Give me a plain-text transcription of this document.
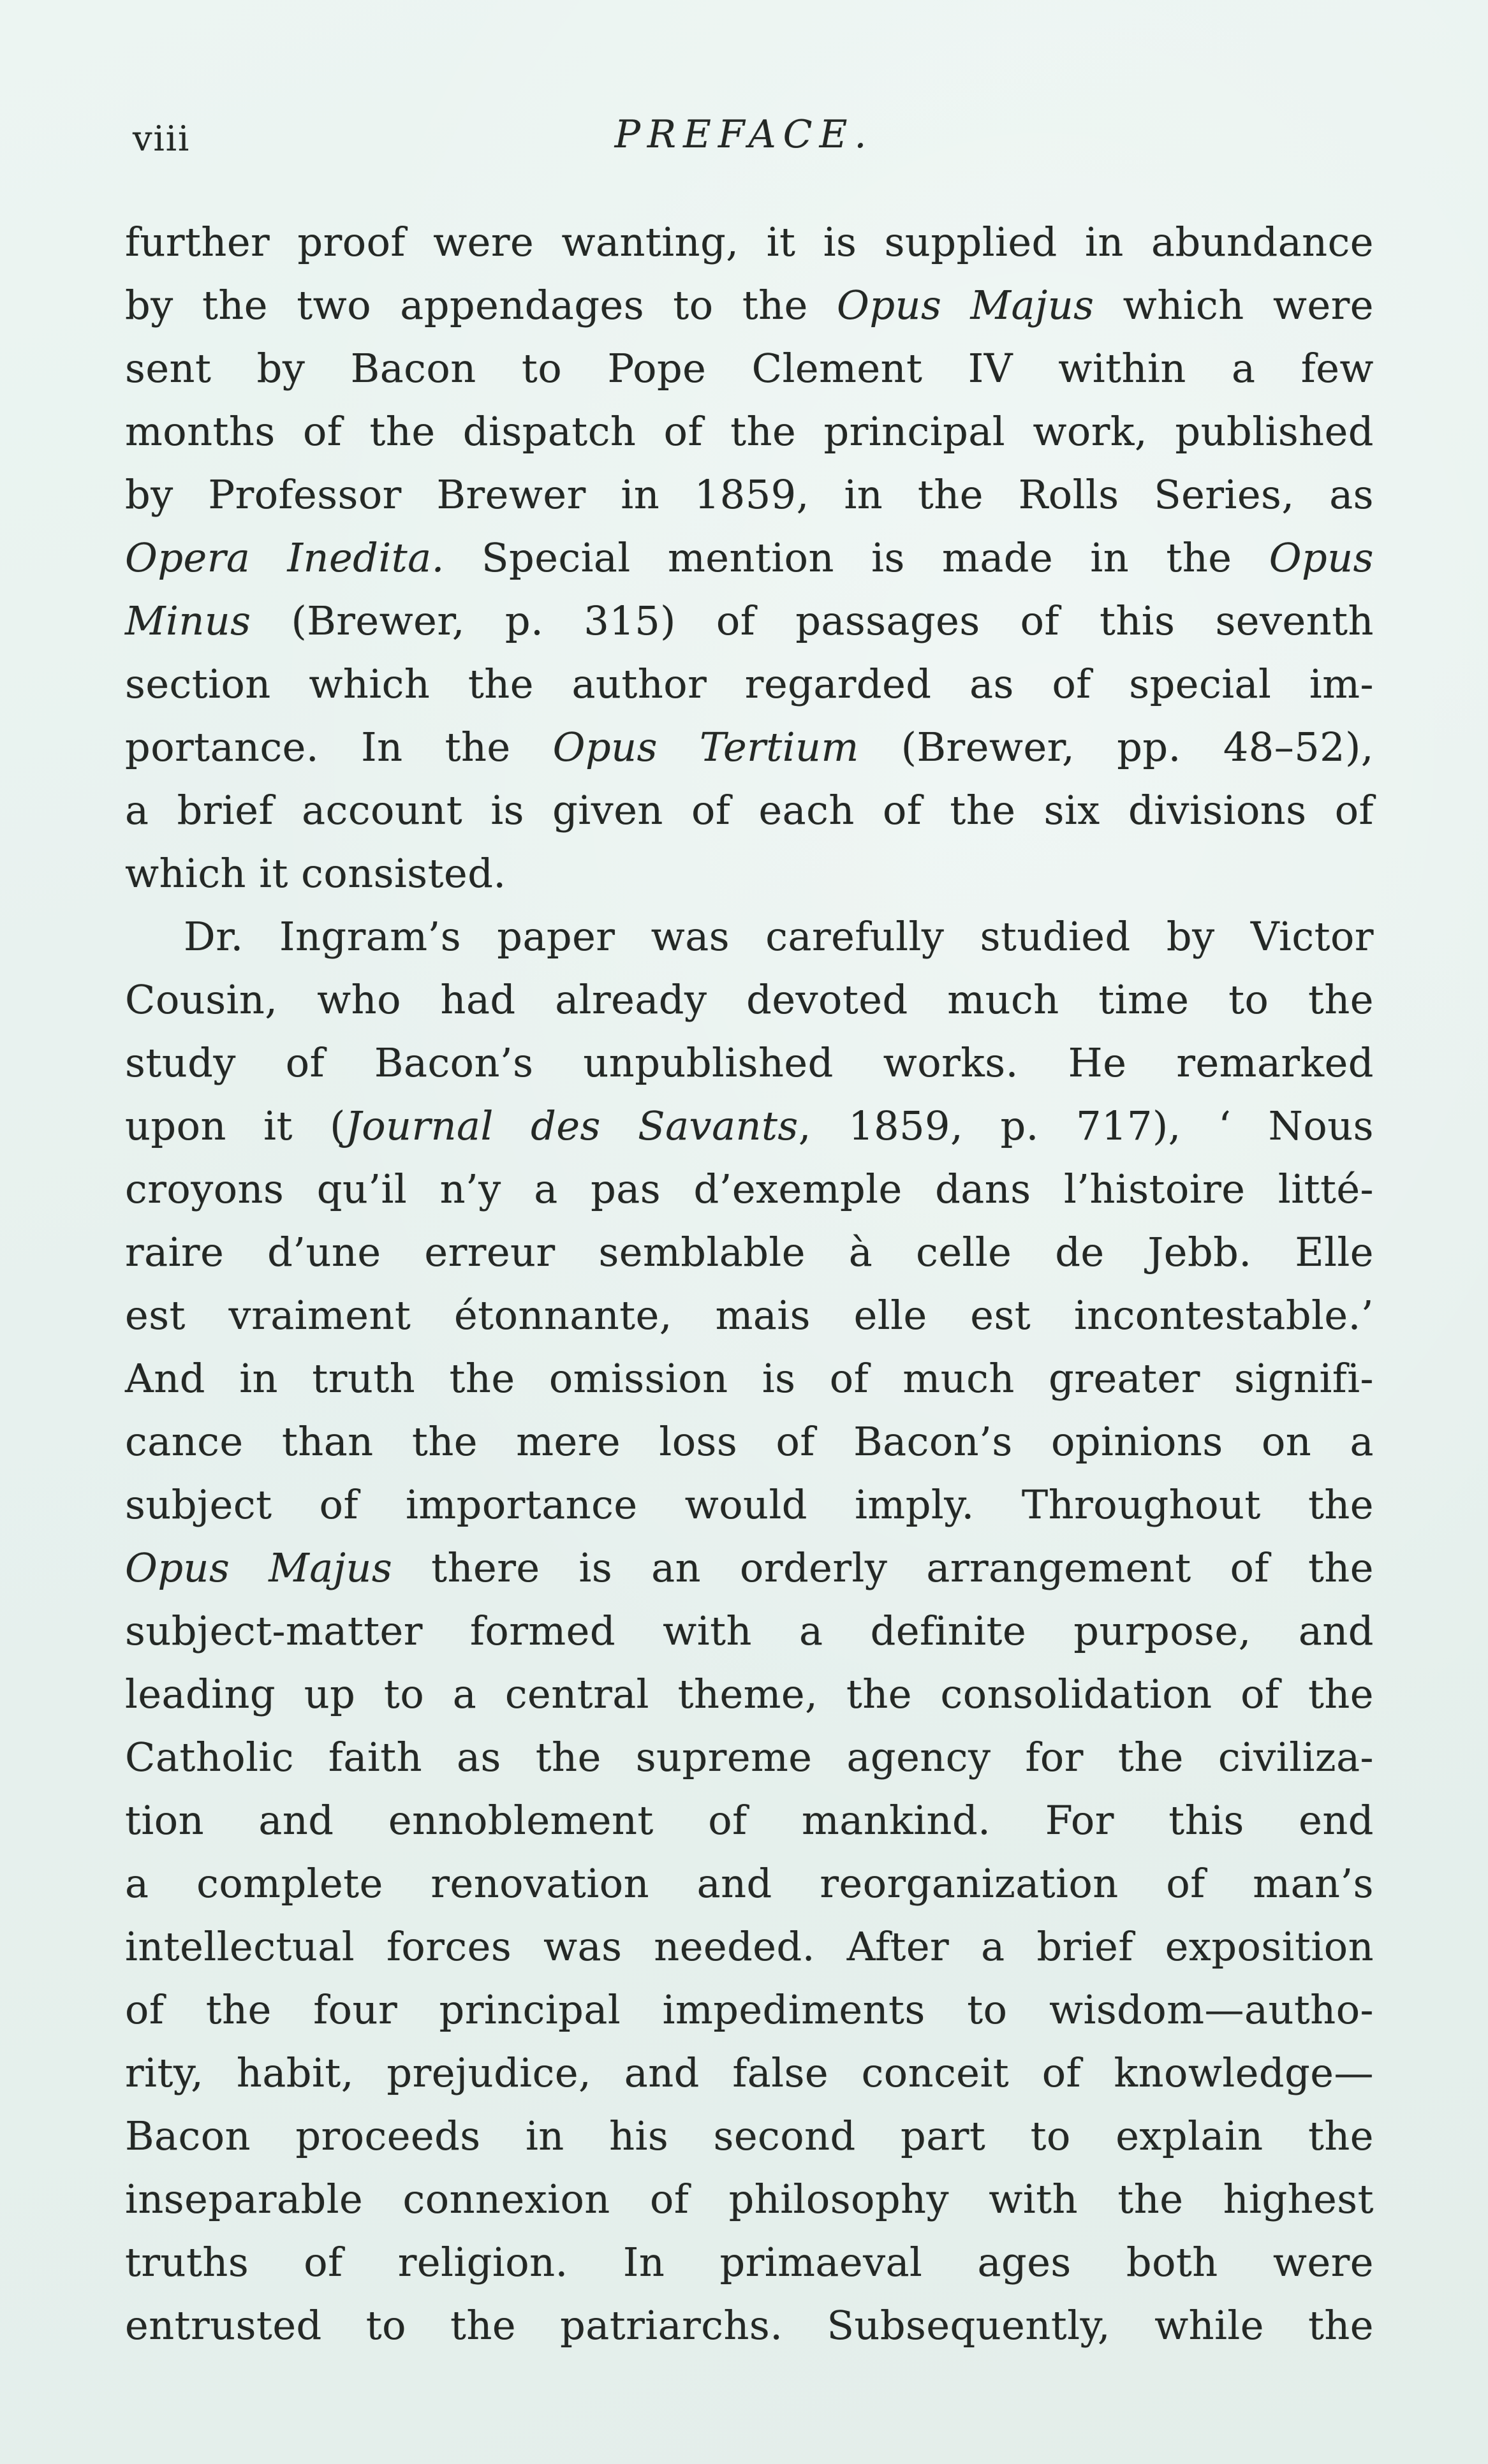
viii	PREFACE.
further proof were wanting, it is supplied in abundance
by the two appendages to the Opus Majus which were
sent by Bacon to Pope Clement IV within a few
months of the dispatch of the principal work, published
by Professor Brewer in 1859, in the Rolls Series, as
Opera Inedita. Special mention is made in the Opus
Minus (Brewer, p. 315) of passages of this seventh
section which the author regarded as of special im-
portance. In the Opus Tertium (Brewer, pp. 48–52),
a brief account is given of each of the six divisions of
which it consisted.
Dr. Ingram’s paper was carefully studied by Victor
Cousin, who had already devoted much time to the
study of Bacon’s unpublished works. He remarked
upon it (Journal des Savants, 1859, p. 717), ‘ Nous
croyons qu’il n’y a pas d’exemple dans l’histoire litté-
raire d’une erreur semblable à celle de Jebb. Elle
est vraiment étonnante, mais elle est incontestable.’
And in truth the omission is of much greater signifi-
cance than the mere loss of Bacon’s opinions on a
subject of importance would imply. Throughout the
Opus Majus there is an orderly arrangement of the
subject-matter formed with a definite purpose, and
leading up to a central theme, the consolidation of the
Catholic faith as the supreme agency for the civiliza-
tion and ennoblement of mankind. For this end
a complete renovation and reorganization of man’s
intellectual forces was needed. After a brief exposition
of the four principal impediments to wisdom—autho-
rity, habit, prejudice, and false conceit of knowledge—
Bacon proceeds in his second part to explain the
inseparable connexion of philosophy with the highest
truths of religion. In primaeval ages both were
entrusted to the patriarchs. Subsequently, while the
